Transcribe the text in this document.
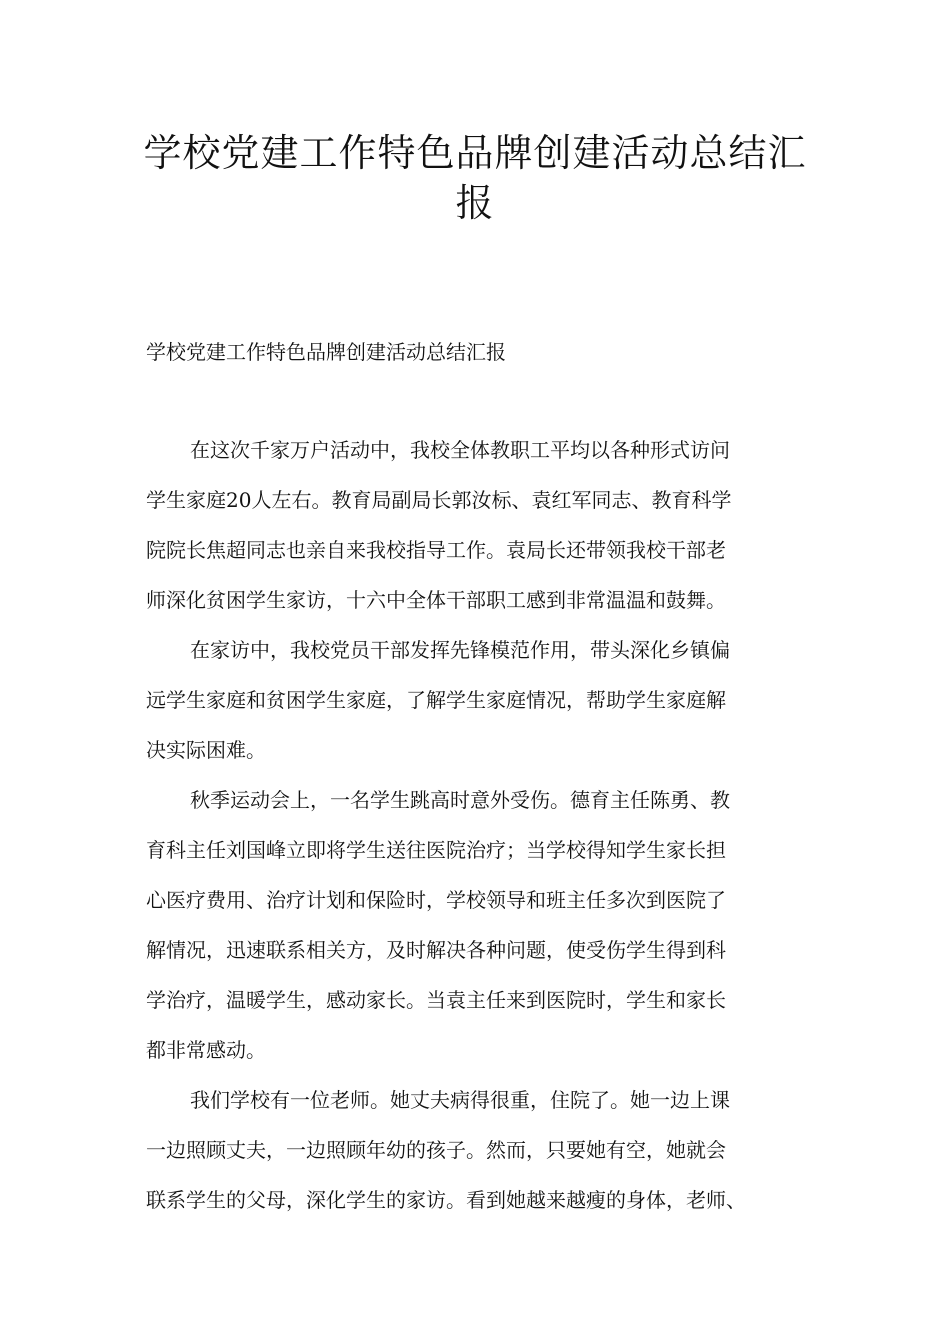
学校党建工作特色品牌创建活动总结汇
报

学校党建工作特色品牌创建活动总结汇报

在这次千家万户活动中，我校全体教职工平均以各种形式访问
学生家庭20人左右。教育局副局长郭汝标、袁红军同志、教育科学
院院长焦超同志也亲自来我校指导工作。袁局长还带领我校干部老
师深化贫困学生家访，十六中全体干部职工感到非常温温和鼓舞。

在家访中，我校党员干部发挥先锋模范作用，带头深化乡镇偏
远学生家庭和贫困学生家庭，了解学生家庭情况，帮助学生家庭解
决实际困难。

秋季运动会上，一名学生跳高时意外受伤。德育主任陈勇、教
育科主任刘国峰立即将学生送往医院治疗；当学校得知学生家长担
心医疗费用、治疗计划和保险时，学校领导和班主任多次到医院了
解情况，迅速联系相关方，及时解决各种问题，使受伤学生得到科
学治疗，温暖学生，感动家长。当袁主任来到医院时，学生和家长
都非常感动。

我们学校有一位老师。她丈夫病得很重，住院了。她一边上课
一边照顾丈夫，一边照顾年幼的孩子。然而，只要她有空，她就会
联系学生的父母，深化学生的家访。看到她越来越瘦的身体，老师、
